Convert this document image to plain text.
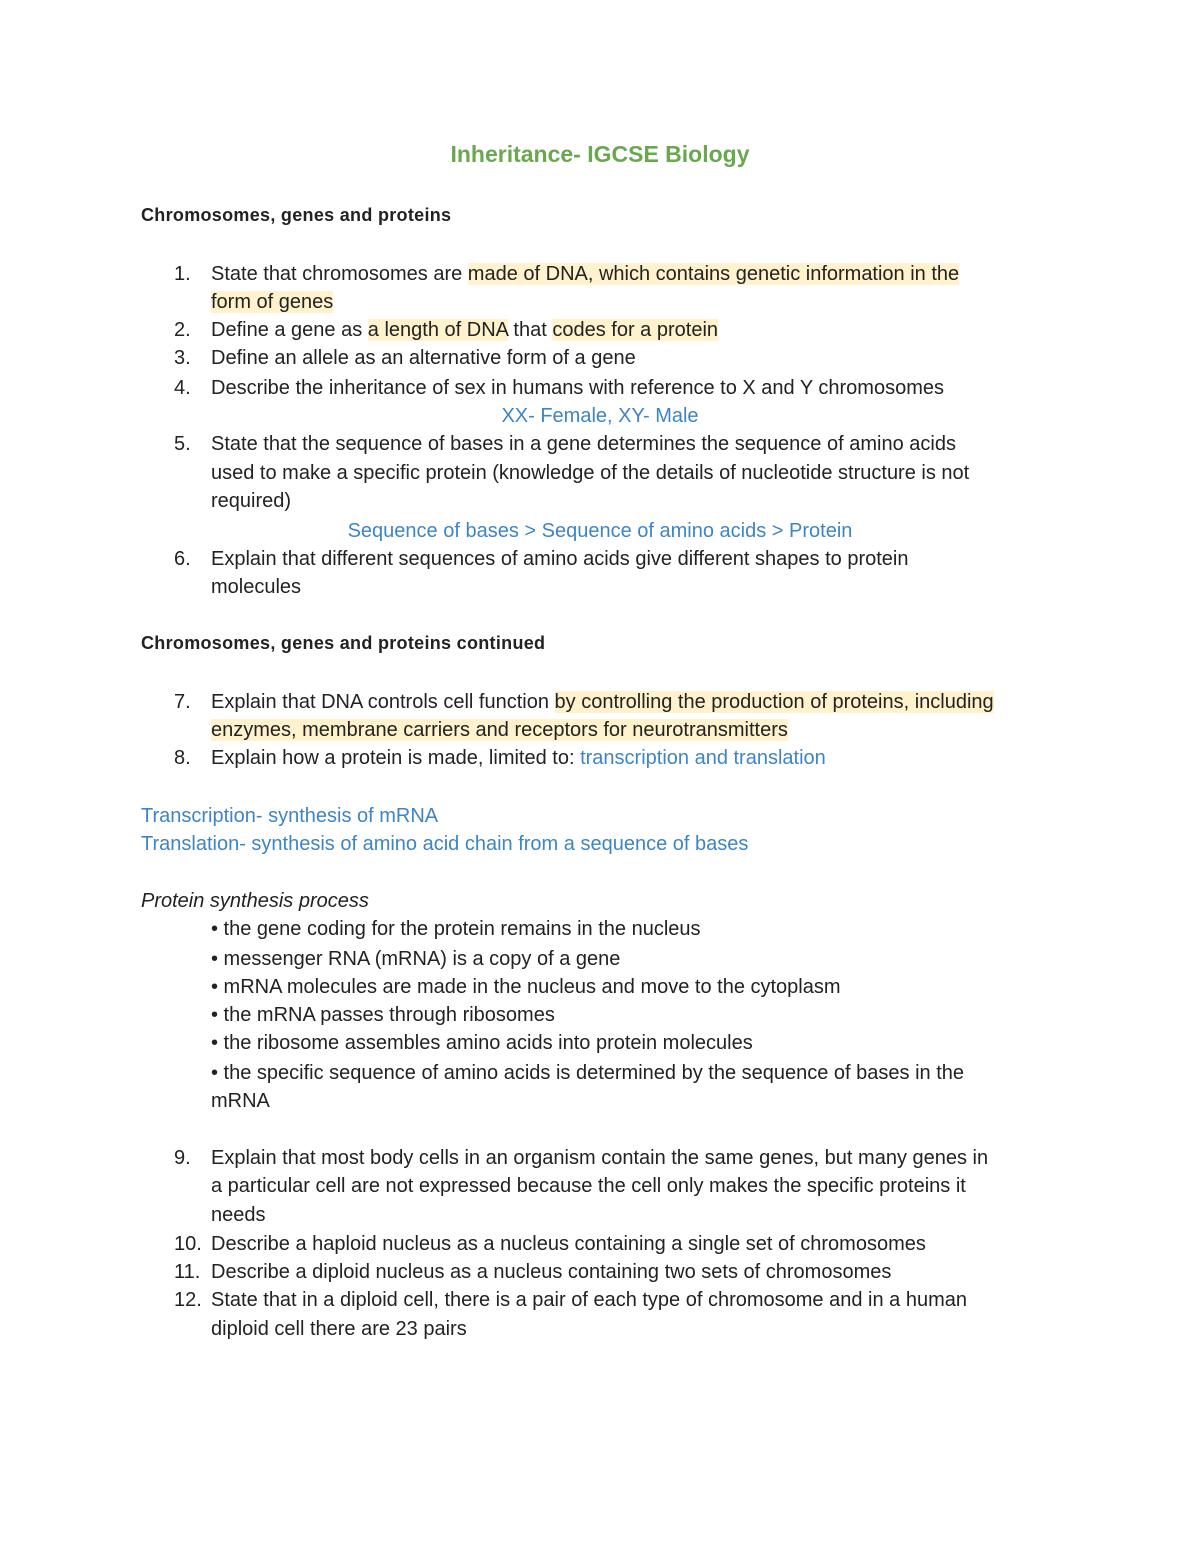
Inheritance- IGCSE Biology
Chromosomes, genes and proteins
1. State that chromosomes are made of DNA, which contains genetic information in the
form of genes
2. Define a gene as a length of DNA that codes for a protein
3. Define an allele as an alternative form of a gene
4. Describe the inheritance of sex in humans with reference to X and Y chromosomes
XX- Female, XY- Male
5. State that the sequence of bases in a gene determines the sequence of amino acids
used to make a specific protein (knowledge of the details of nucleotide structure is not
required)
Sequence of bases > Sequence of amino acids > Protein
6. Explain that different sequences of amino acids give different shapes to protein
molecules
Chromosomes, genes and proteins continued
7. Explain that DNA controls cell function by controlling the production of proteins, including
enzymes, membrane carriers and receptors for neurotransmitters
8. Explain how a protein is made, limited to: transcription and translation
Transcription- synthesis of mRNA
Translation- synthesis of amino acid chain from a sequence of bases
Protein synthesis process
• the gene coding for the protein remains in the nucleus
• messenger RNA (mRNA) is a copy of a gene
• mRNA molecules are made in the nucleus and move to the cytoplasm
• the mRNA passes through ribosomes
• the ribosome assembles amino acids into protein molecules
• the specific sequence of amino acids is determined by the sequence of bases in the
mRNA
9. Explain that most body cells in an organism contain the same genes, but many genes in
a particular cell are not expressed because the cell only makes the specific proteins it
needs
10. Describe a haploid nucleus as a nucleus containing a single set of chromosomes
11. Describe a diploid nucleus as a nucleus containing two sets of chromosomes
12. State that in a diploid cell, there is a pair of each type of chromosome and in a human
diploid cell there are 23 pairs
